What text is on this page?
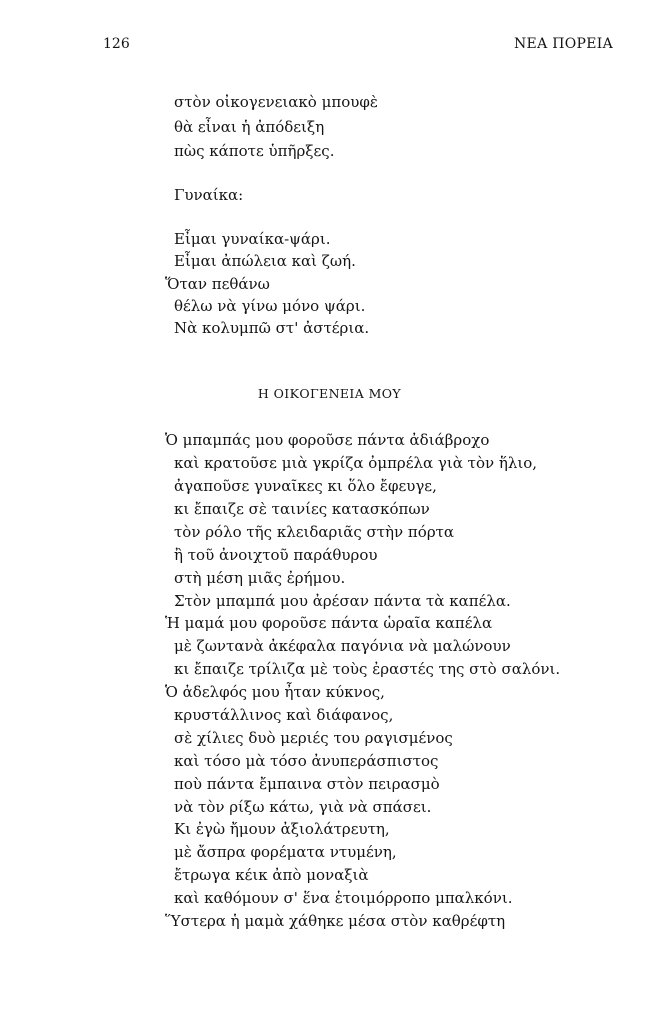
126	ΝΕΑ ΠΟΡΕΙΑ
στὸν οἰκογενειακὸ μπουφὲ
θὰ εἶναι ἡ ἀπόδειξη
πὼς κάποτε ὑπῆρξες.
Γυναίκα:
Εἶμαι γυναίκα-ψάρι.
Εἶμαι ἀπώλεια καὶ ζωή.
Ὅταν πεθάνω
θέλω νὰ γίνω μόνο ψάρι.
Νὰ κολυμπῶ στ' ἀστέρια.
Η ΟΙΚΟΓΕΝΕΙΑ ΜΟΥ
Ὁ μπαμπάς μου φοροῦσε πάντα ἀδιάβροχο
καὶ κρατοῦσε μιὰ γκρίζα ὀμπρέλα γιὰ τὸν ἥλιο,
ἀγαποῦσε γυναῖκες κι ὅλο ἔφευγε,
κι ἔπαιζε σὲ ταινίες κατασκόπων
τὸν ρόλο τῆς κλειδαριᾶς στὴν πόρτα
ἢ τοῦ ἀνοιχτοῦ παράθυρου
στὴ μέση μιᾶς ἐρήμου.
Στὸν μπαμπά μου ἀρέσαν πάντα τὰ καπέλα.
Ἡ μαμά μου φοροῦσε πάντα ὡραῖα καπέλα
μὲ ζωντανὰ ἀκέφαλα παγόνια νὰ μαλώνουν
κι ἔπαιζε τρίλιζα μὲ τοὺς ἐραστές της στὸ σαλόνι.
Ὁ ἀδελφός μου ἦταν κύκνος,
κρυστάλλινος καὶ διάφανος,
σὲ χίλιες δυὸ μεριές του ραγισμένος
καὶ τόσο μὰ τόσο ἀνυπεράσπιστος
ποὺ πάντα ἔμπαινα στὸν πειρασμὸ
νὰ τὸν ρίξω κάτω, γιὰ νὰ σπάσει.
Κι ἐγὼ ἤμουν ἀξιολάτρευτη,
μὲ ἄσπρα φορέματα ντυμένη,
ἔτρωγα κέικ ἀπὸ μοναξιὰ
καὶ καθόμουν σ' ἕνα ἑτοιμόρροπο μπαλκόνι.
Ὕστερα ἡ μαμὰ χάθηκε μέσα στὸν καθρέφτη
